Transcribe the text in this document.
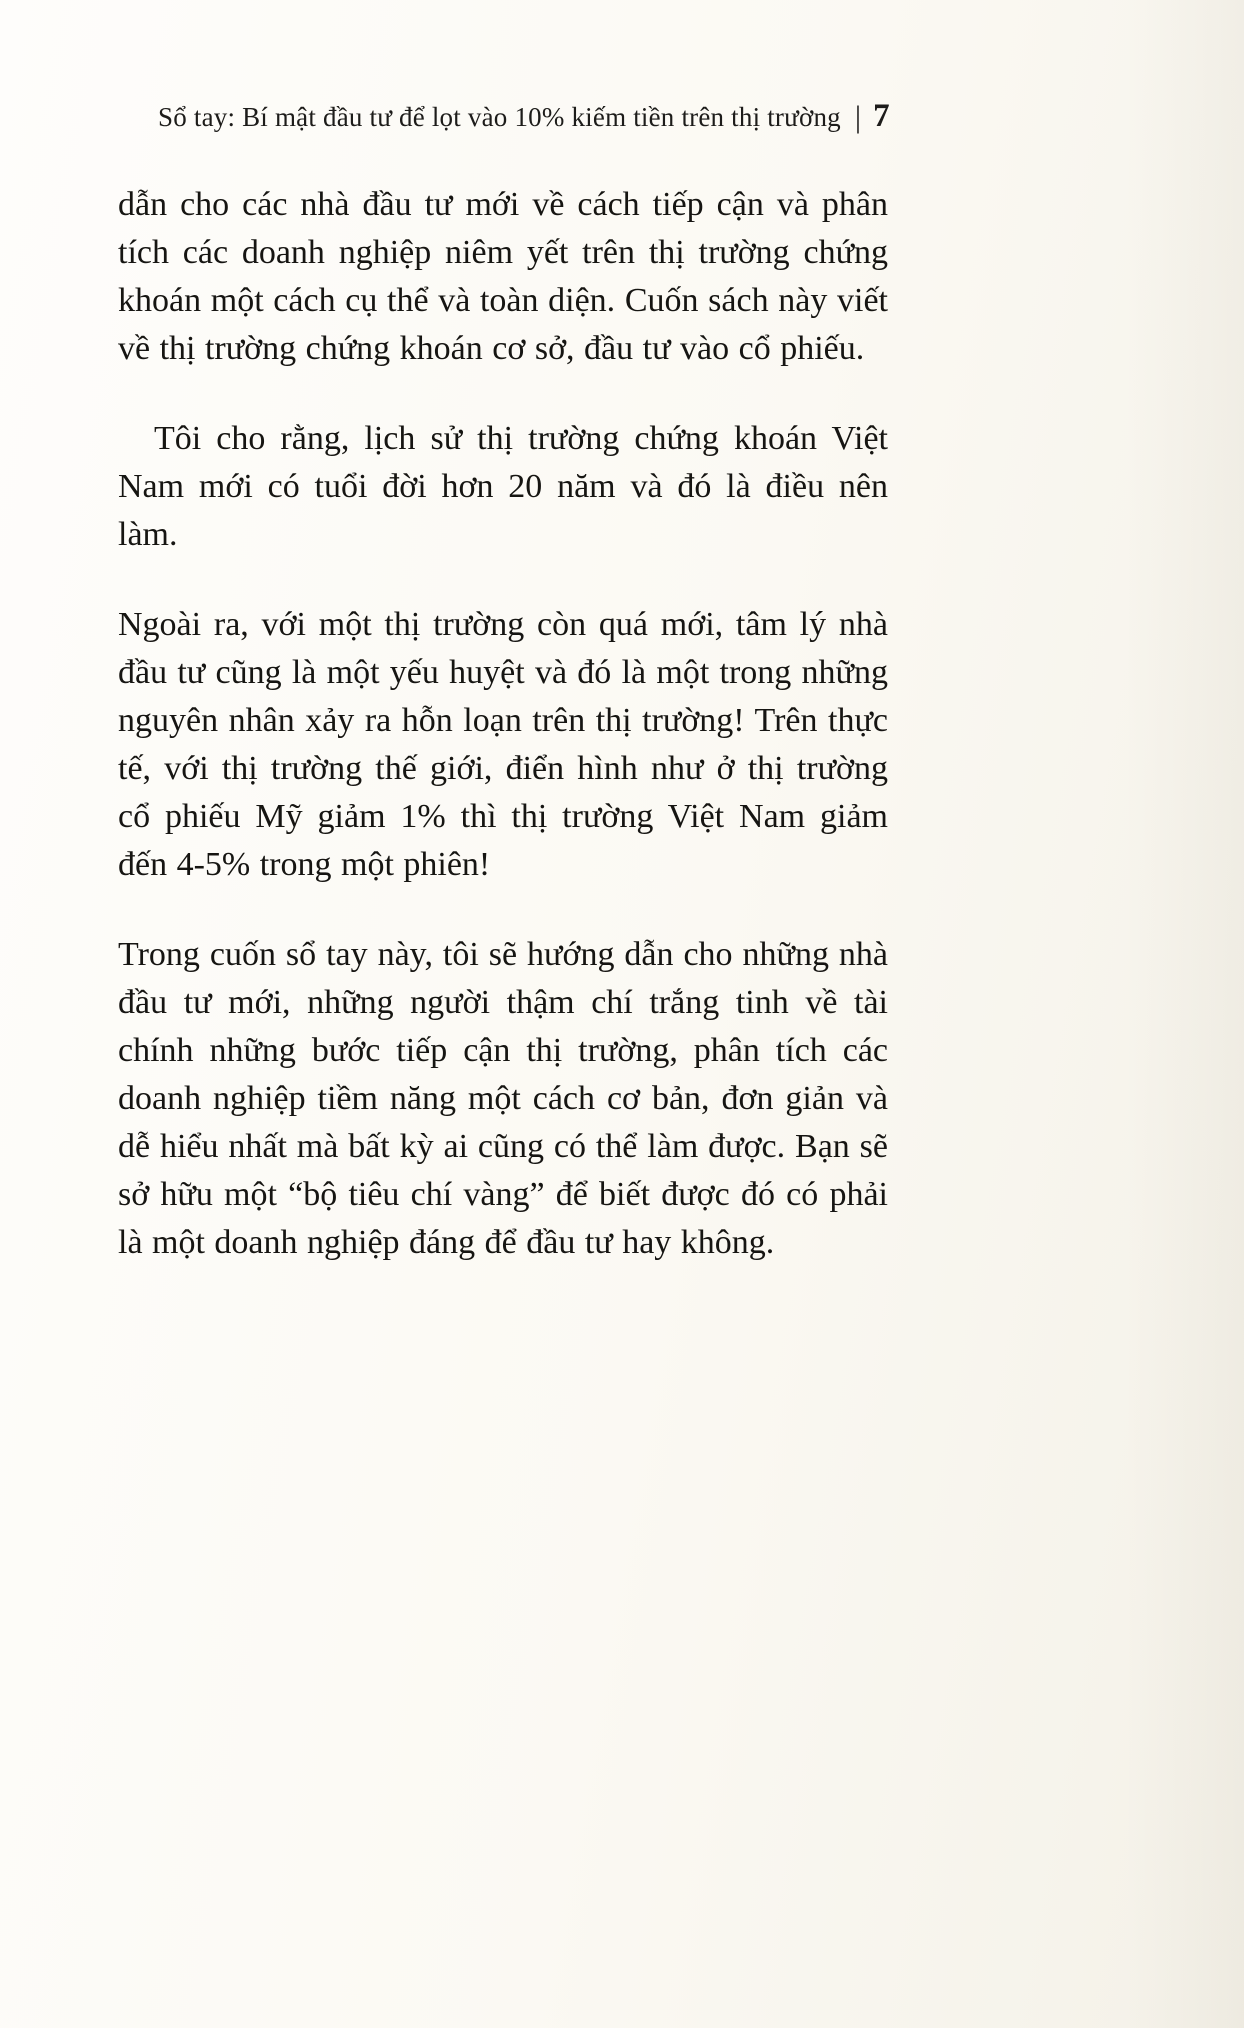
Sổ tay: Bí mật đầu tư để lọt vào 10% kiếm tiền trên thị trường | 7

dẫn cho các nhà đầu tư mới về cách tiếp cận và phân tích các doanh nghiệp niêm yết trên thị trường chứng khoán một cách cụ thể và toàn diện. Cuốn sách này viết về thị trường chứng khoán cơ sở, đầu tư vào cổ phiếu.

Tôi cho rằng, lịch sử thị trường chứng khoán Việt Nam mới có tuổi đời hơn 20 năm và đó là điều nên làm.

Ngoài ra, với một thị trường còn quá mới, tâm lý nhà đầu tư cũng là một yếu huyệt và đó là một trong những nguyên nhân xảy ra hỗn loạn trên thị trường! Trên thực tế, với thị trường thế giới, điển hình như ở thị trường cổ phiếu Mỹ giảm 1% thì thị trường Việt Nam giảm đến 4-5% trong một phiên!

Trong cuốn sổ tay này, tôi sẽ hướng dẫn cho những nhà đầu tư mới, những người thậm chí trắng tinh về tài chính những bước tiếp cận thị trường, phân tích các doanh nghiệp tiềm năng một cách cơ bản, đơn giản và dễ hiểu nhất mà bất kỳ ai cũng có thể làm được. Bạn sẽ sở hữu một “bộ tiêu chí vàng” để biết được đó có phải là một doanh nghiệp đáng để đầu tư hay không.
